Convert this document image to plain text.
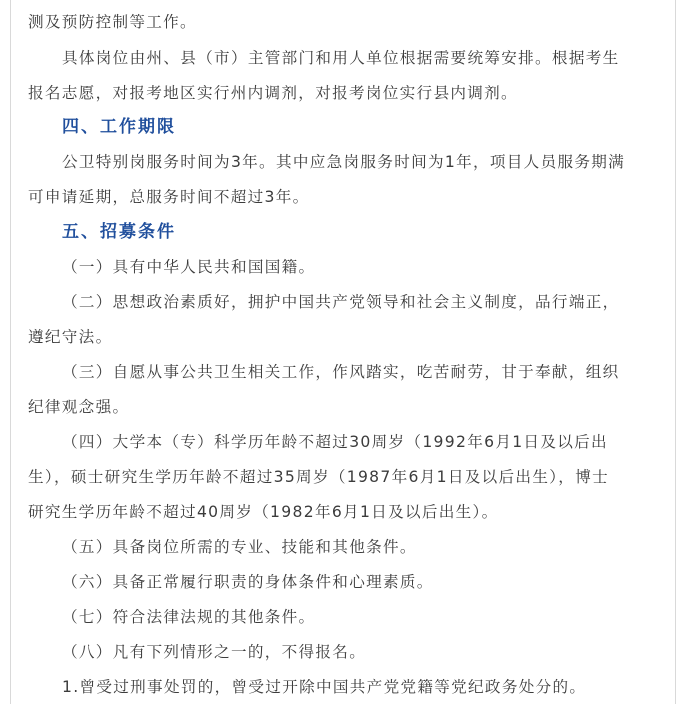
测及预防控制等工作。
具体岗位由州、县（市）主管部门和用人单位根据需要统筹安排。根据考生
报名志愿，对报考地区实行州内调剂，对报考岗位实行县内调剂。
四、工作期限
公卫特别岗服务时间为3年。其中应急岗服务时间为1年，项目人员服务期满
可申请延期，总服务时间不超过3年。
五、招募条件
（一）具有中华人民共和国国籍。
（二）思想政治素质好，拥护中国共产党领导和社会主义制度，品行端正，
遵纪守法。
（三）自愿从事公共卫生相关工作，作风踏实，吃苦耐劳，甘于奉献，组织
纪律观念强。
（四）大学本（专）科学历年龄不超过30周岁（1992年6月1日及以后出
生），硕士研究生学历年龄不超过35周岁（1987年6月1日及以后出生），博士
研究生学历年龄不超过40周岁（1982年6月1日及以后出生）。
（五）具备岗位所需的专业、技能和其他条件。
（六）具备正常履行职责的身体条件和心理素质。
（七）符合法律法规的其他条件。
（八）凡有下列情形之一的，不得报名。
1.曾受过刑事处罚的，曾受过开除中国共产党党籍等党纪政务处分的。
